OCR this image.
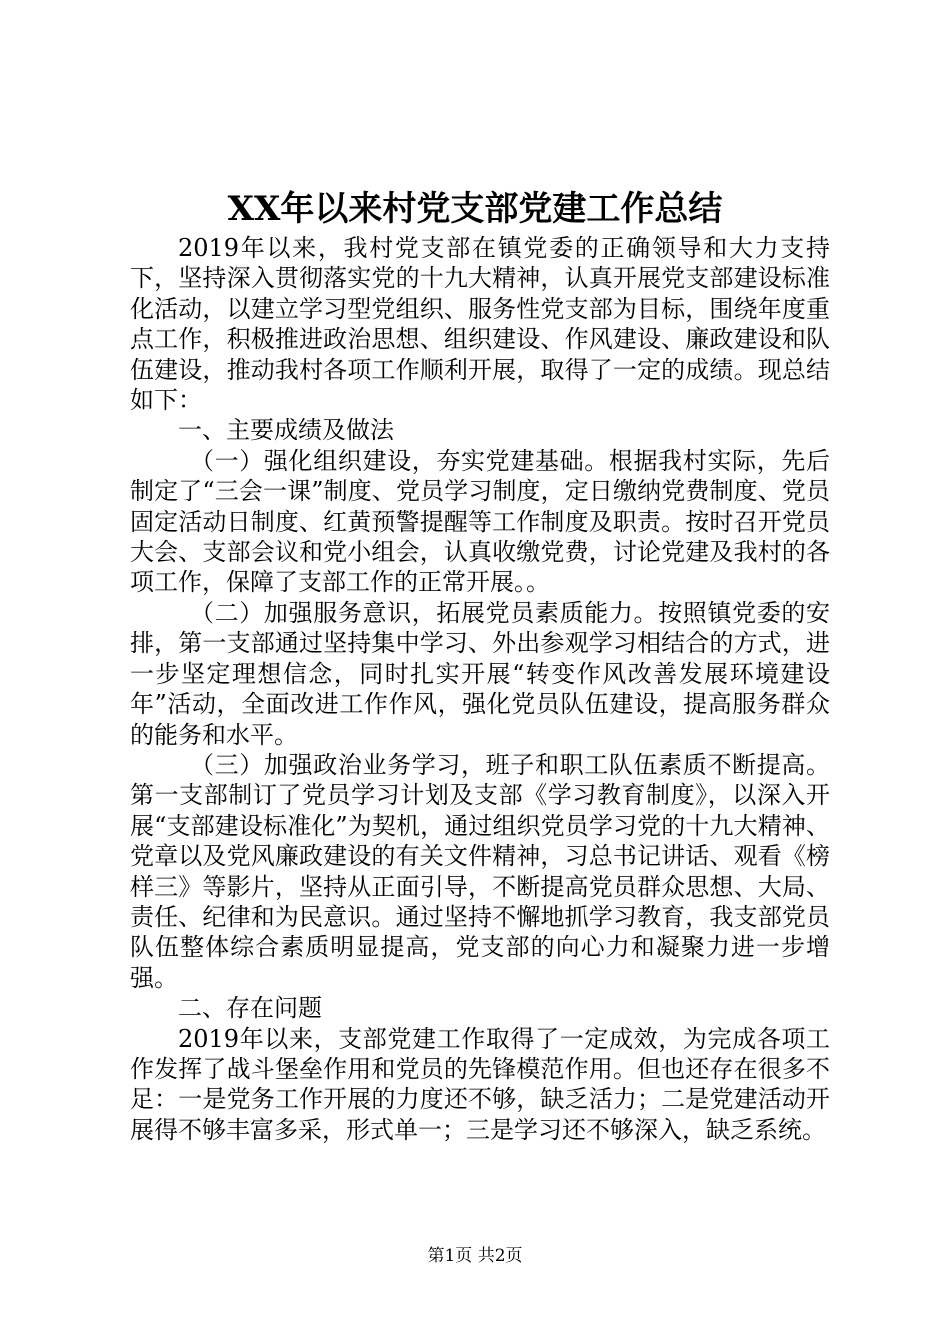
XX年以来村党支部党建工作总结

2019年以来，我村党支部在镇党委的正确领导和大力支持下，坚持深入贯彻落实党的十九大精神，认真开展党支部建设标准化活动，以建立学习型党组织、服务性党支部为目标，围绕年度重点工作，积极推进政治思想、组织建设、作风建设、廉政建设和队伍建设，推动我村各项工作顺利开展，取得了一定的成绩。现总结如下：

一、主要成绩及做法

（一）强化组织建设，夯实党建基础。根据我村实际，先后制定了“三会一课”制度、党员学习制度，定日缴纳党费制度、党员固定活动日制度、红黄预警提醒等工作制度及职责。按时召开党员大会、支部会议和党小组会，认真收缴党费，讨论党建及我村的各项工作，保障了支部工作的正常开展。。

（二）加强服务意识，拓展党员素质能力。按照镇党委的安排，第一支部通过坚持集中学习、外出参观学习相结合的方式，进一步坚定理想信念，同时扎实开展“转变作风改善发展环境建设年”活动，全面改进工作作风，强化党员队伍建设，提高服务群众的能务和水平。

（三）加强政治业务学习，班子和职工队伍素质不断提高。第一支部制订了党员学习计划及支部《学习教育制度》，以深入开展“支部建设标准化”为契机，通过组织党员学习党的十九大精神、党章以及党风廉政建设的有关文件精神，习总书记讲话、观看《榜样三》等影片，坚持从正面引导，不断提高党员群众思想、大局、责任、纪律和为民意识。通过坚持不懈地抓学习教育，我支部党员队伍整体综合素质明显提高，党支部的向心力和凝聚力进一步增强。

二、存在问题

2019年以来，支部党建工作取得了一定成效，为完成各项工作发挥了战斗堡垒作用和党员的先锋模范作用。但也还存在很多不足：一是党务工作开展的力度还不够，缺乏活力；二是党建活动开展得不够丰富多采，形式单一；三是学习还不够深入，缺乏系统。

第1页 共2页
